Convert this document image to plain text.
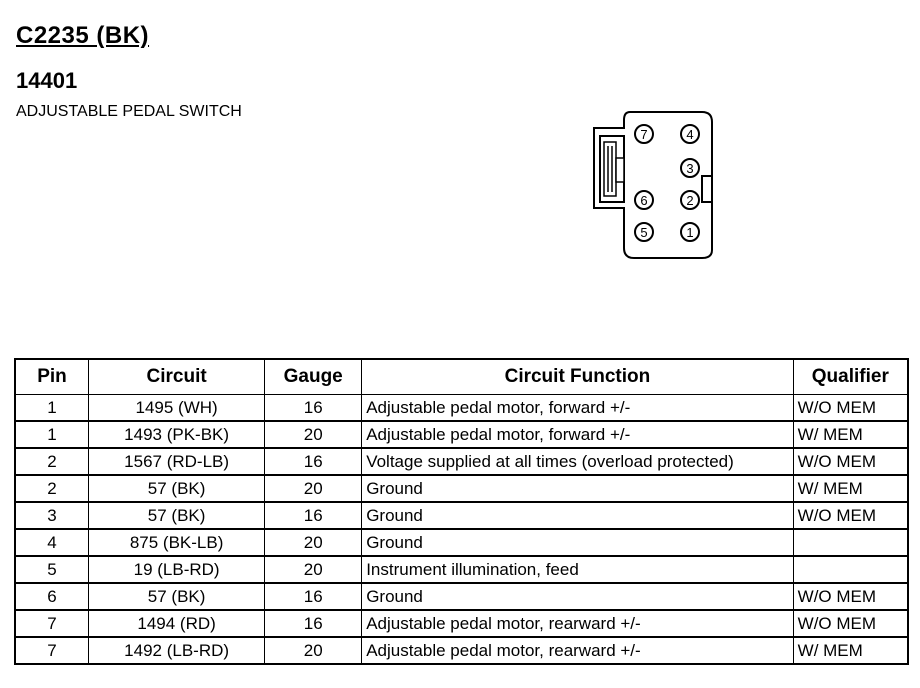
C2235 (BK)
14401
ADJUSTABLE PEDAL SWITCH
7	4
3
6	2
5	1
Pin	Circuit	Gauge	Circuit Function	Qualifier
1	1495 (WH)	16	Adjustable pedal motor, forward +/-	W/O MEM
1	1493 (PK-BK)	20	Adjustable pedal motor, forward +/-	W/ MEM
2	1567 (RD-LB)	16	Voltage supplied at all times (overload protected)	W/O MEM
2	57 (BK)	20	Ground	W/ MEM
3	57 (BK)	16	Ground	W/O MEM
4	875 (BK-LB)	20	Ground	
5	19 (LB-RD)	20	Instrument illumination, feed	
6	57 (BK)	16	Ground	W/O MEM
7	1494 (RD)	16	Adjustable pedal motor, rearward +/-	W/O MEM
7	1492 (LB-RD)	20	Adjustable pedal motor, rearward +/-	W/ MEM
